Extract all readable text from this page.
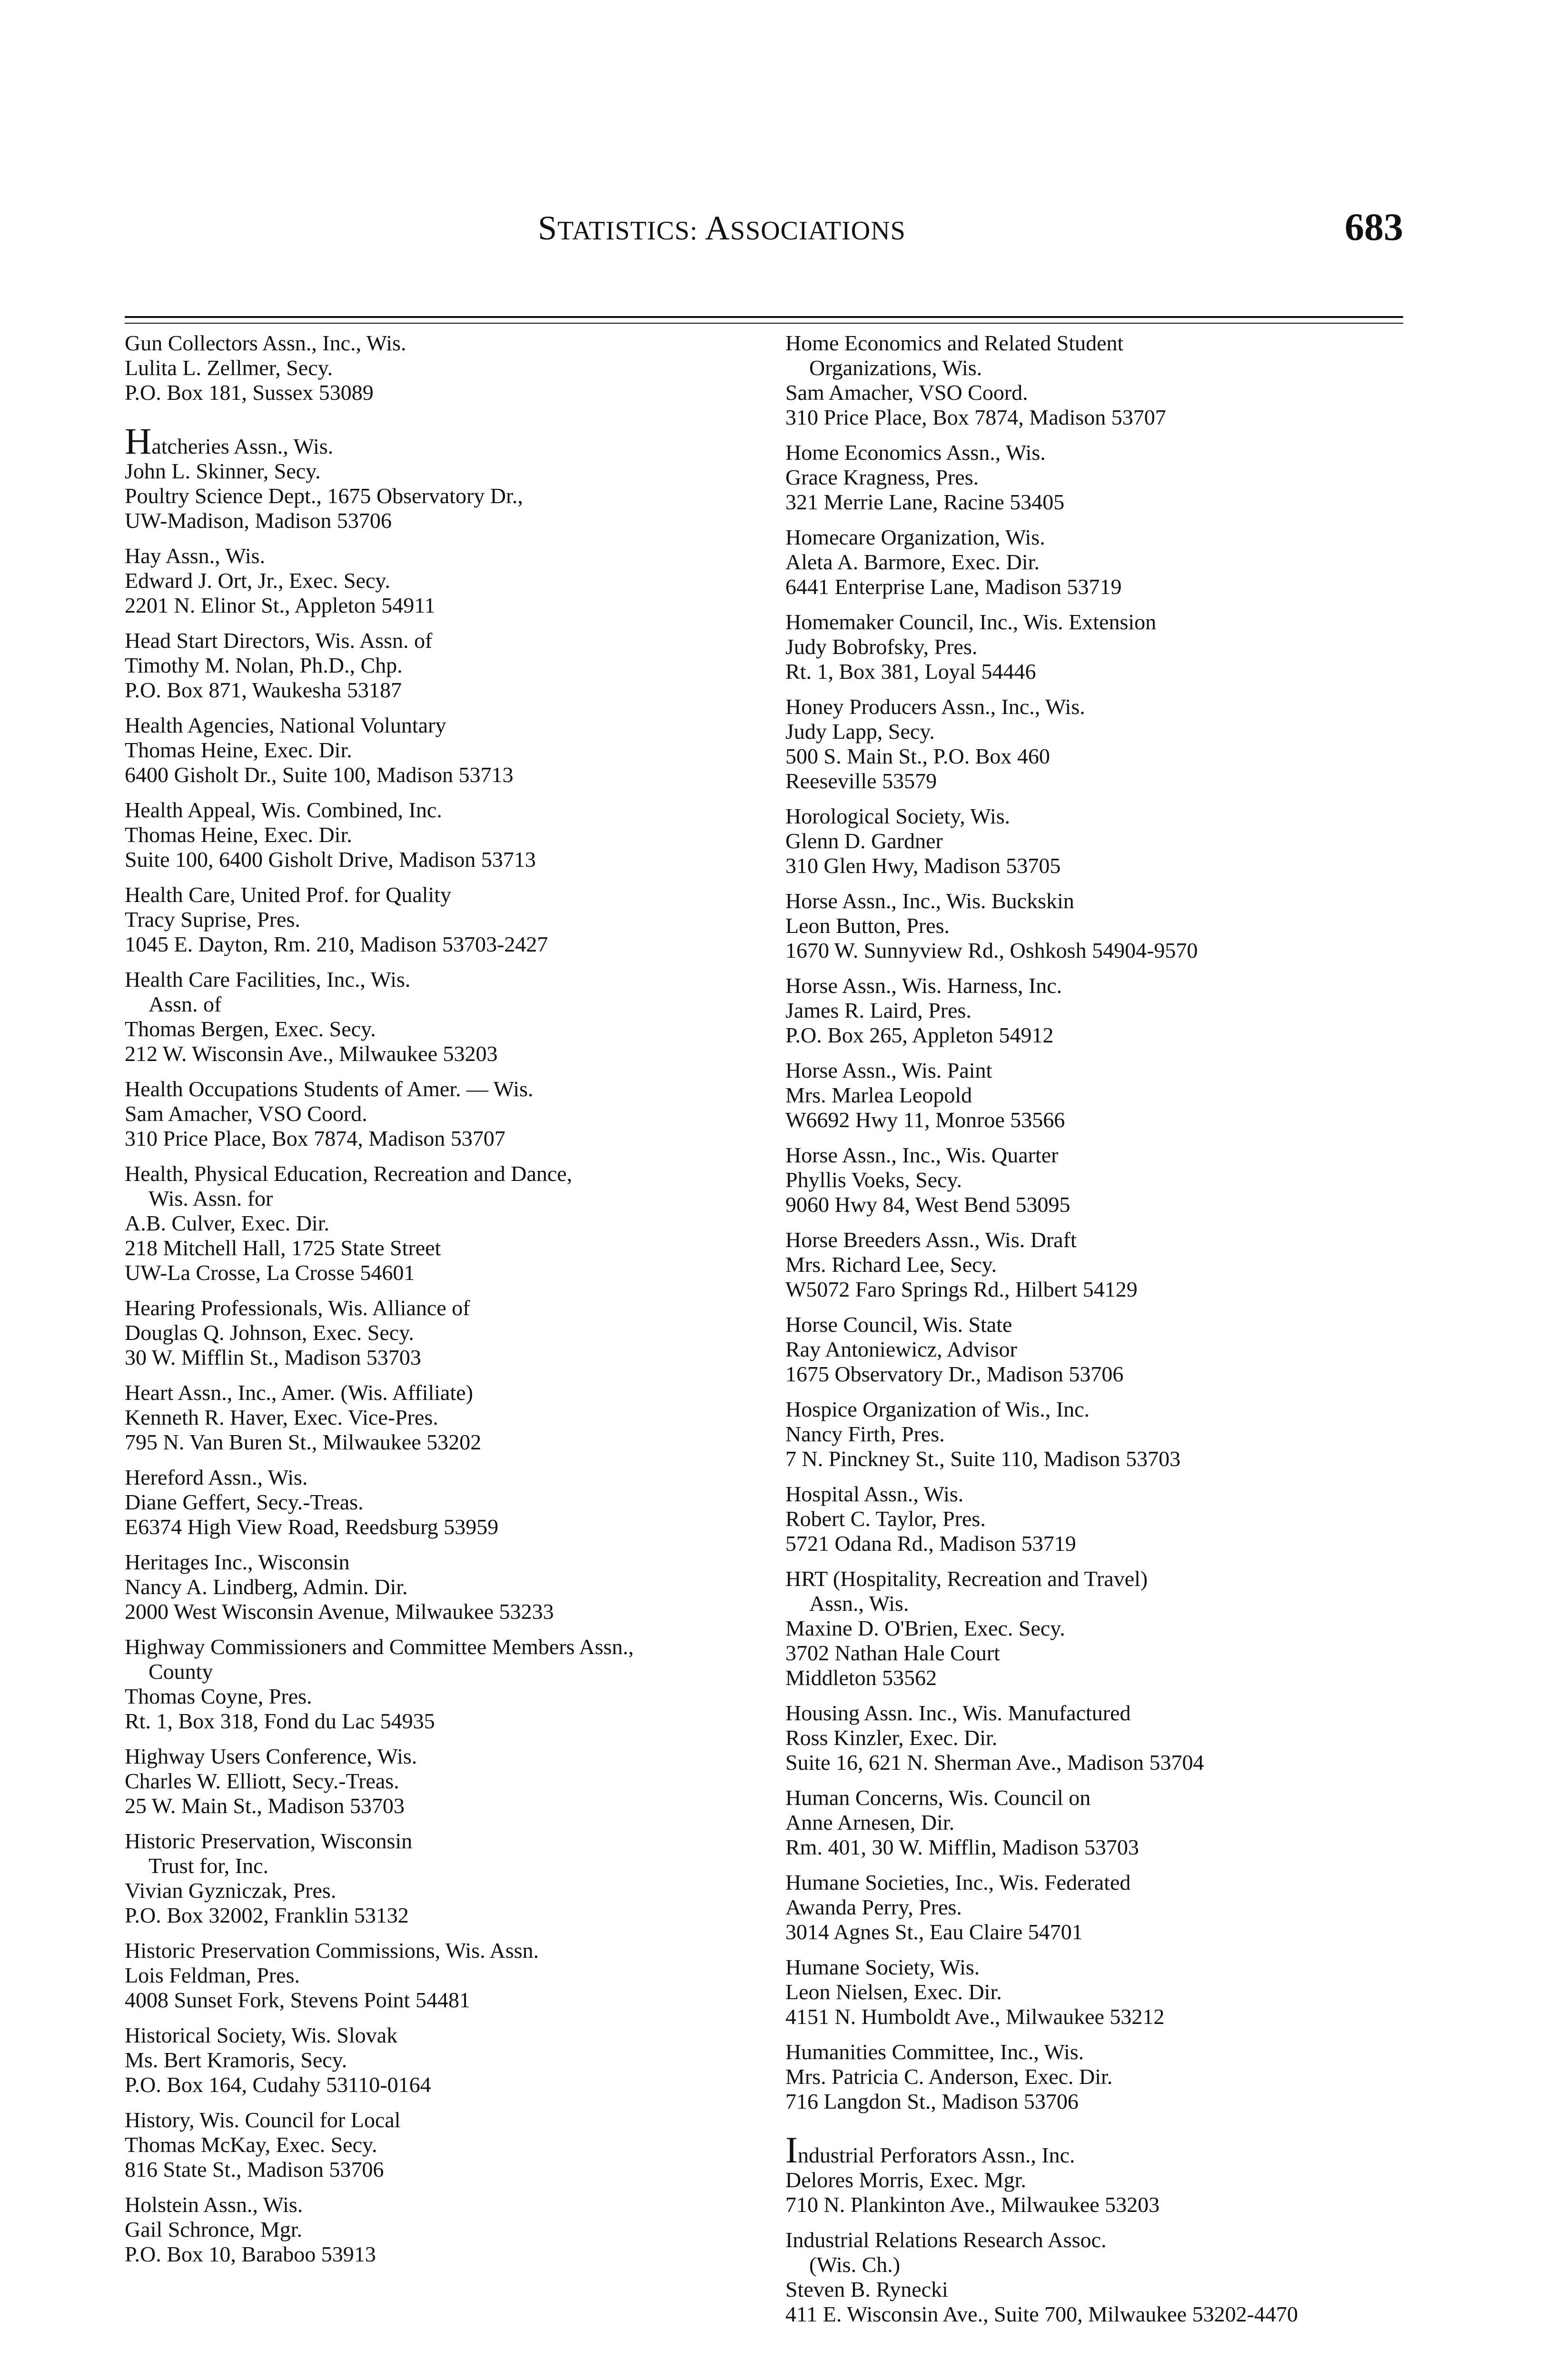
STATISTICS: ASSOCIATIONS	683
Gun Collectors Assn., Inc., Wis.
Lulita L. Zellmer, Secy.
P.O. Box 181, Sussex 53089
Hatcheries Assn., Wis.
John L. Skinner, Secy.
Poultry Science Dept., 1675 Observatory Dr.,
UW-Madison, Madison 53706
Hay Assn., Wis.
Edward J. Ort, Jr., Exec. Secy.
2201 N. Elinor St., Appleton 54911
Head Start Directors, Wis. Assn. of
Timothy M. Nolan, Ph.D., Chp.
P.O. Box 871, Waukesha 53187
Health Agencies, National Voluntary
Thomas Heine, Exec. Dir.
6400 Gisholt Dr., Suite 100, Madison 53713
Health Appeal, Wis. Combined, Inc.
Thomas Heine, Exec. Dir.
Suite 100, 6400 Gisholt Drive, Madison 53713
Health Care, United Prof. for Quality
Tracy Suprise, Pres.
1045 E. Dayton, Rm. 210, Madison 53703-2427
Health Care Facilities, Inc., Wis.
Assn. of
Thomas Bergen, Exec. Secy.
212 W. Wisconsin Ave., Milwaukee 53203
Health Occupations Students of Amer. — Wis.
Sam Amacher, VSO Coord.
310 Price Place, Box 7874, Madison 53707
Health, Physical Education, Recreation and Dance,
Wis. Assn. for
A.B. Culver, Exec. Dir.
218 Mitchell Hall, 1725 State Street
UW-La Crosse, La Crosse 54601
Hearing Professionals, Wis. Alliance of
Douglas Q. Johnson, Exec. Secy.
30 W. Mifflin St., Madison 53703
Heart Assn., Inc., Amer. (Wis. Affiliate)
Kenneth R. Haver, Exec. Vice-Pres.
795 N. Van Buren St., Milwaukee 53202
Hereford Assn., Wis.
Diane Geffert, Secy.-Treas.
E6374 High View Road, Reedsburg 53959
Heritages Inc., Wisconsin
Nancy A. Lindberg, Admin. Dir.
2000 West Wisconsin Avenue, Milwaukee 53233
Highway Commissioners and Committee Members Assn.,
County
Thomas Coyne, Pres.
Rt. 1, Box 318, Fond du Lac 54935
Highway Users Conference, Wis.
Charles W. Elliott, Secy.-Treas.
25 W. Main St., Madison 53703
Historic Preservation, Wisconsin
Trust for, Inc.
Vivian Gyzniczak, Pres.
P.O. Box 32002, Franklin 53132
Historic Preservation Commissions, Wis. Assn.
Lois Feldman, Pres.
4008 Sunset Fork, Stevens Point 54481
Historical Society, Wis. Slovak
Ms. Bert Kramoris, Secy.
P.O. Box 164, Cudahy 53110-0164
History, Wis. Council for Local
Thomas McKay, Exec. Secy.
816 State St., Madison 53706
Holstein Assn., Wis.
Gail Schronce, Mgr.
P.O. Box 10, Baraboo 53913
Home Economics and Related Student
Organizations, Wis.
Sam Amacher, VSO Coord.
310 Price Place, Box 7874, Madison 53707
Home Economics Assn., Wis.
Grace Kragness, Pres.
321 Merrie Lane, Racine 53405
Homecare Organization, Wis.
Aleta A. Barmore, Exec. Dir.
6441 Enterprise Lane, Madison 53719
Homemaker Council, Inc., Wis. Extension
Judy Bobrofsky, Pres.
Rt. 1, Box 381, Loyal 54446
Honey Producers Assn., Inc., Wis.
Judy Lapp, Secy.
500 S. Main St., P.O. Box 460
Reeseville 53579
Horological Society, Wis.
Glenn D. Gardner
310 Glen Hwy, Madison 53705
Horse Assn., Inc., Wis. Buckskin
Leon Button, Pres.
1670 W. Sunnyview Rd., Oshkosh 54904-9570
Horse Assn., Wis. Harness, Inc.
James R. Laird, Pres.
P.O. Box 265, Appleton 54912
Horse Assn., Wis. Paint
Mrs. Marlea Leopold
W6692 Hwy 11, Monroe 53566
Horse Assn., Inc., Wis. Quarter
Phyllis Voeks, Secy.
9060 Hwy 84, West Bend 53095
Horse Breeders Assn., Wis. Draft
Mrs. Richard Lee, Secy.
W5072 Faro Springs Rd., Hilbert 54129
Horse Council, Wis. State
Ray Antoniewicz, Advisor
1675 Observatory Dr., Madison 53706
Hospice Organization of Wis., Inc.
Nancy Firth, Pres.
7 N. Pinckney St., Suite 110, Madison 53703
Hospital Assn., Wis.
Robert C. Taylor, Pres.
5721 Odana Rd., Madison 53719
HRT (Hospitality, Recreation and Travel)
Assn., Wis.
Maxine D. O'Brien, Exec. Secy.
3702 Nathan Hale Court
Middleton 53562
Housing Assn. Inc., Wis. Manufactured
Ross Kinzler, Exec. Dir.
Suite 16, 621 N. Sherman Ave., Madison 53704
Human Concerns, Wis. Council on
Anne Arnesen, Dir.
Rm. 401, 30 W. Mifflin, Madison 53703
Humane Societies, Inc., Wis. Federated
Awanda Perry, Pres.
3014 Agnes St., Eau Claire 54701
Humane Society, Wis.
Leon Nielsen, Exec. Dir.
4151 N. Humboldt Ave., Milwaukee 53212
Humanities Committee, Inc., Wis.
Mrs. Patricia C. Anderson, Exec. Dir.
716 Langdon St., Madison 53706
Industrial Perforators Assn., Inc.
Delores Morris, Exec. Mgr.
710 N. Plankinton Ave., Milwaukee 53203
Industrial Relations Research Assoc.
(Wis. Ch.)
Steven B. Rynecki
411 E. Wisconsin Ave., Suite 700, Milwaukee 53202-4470
